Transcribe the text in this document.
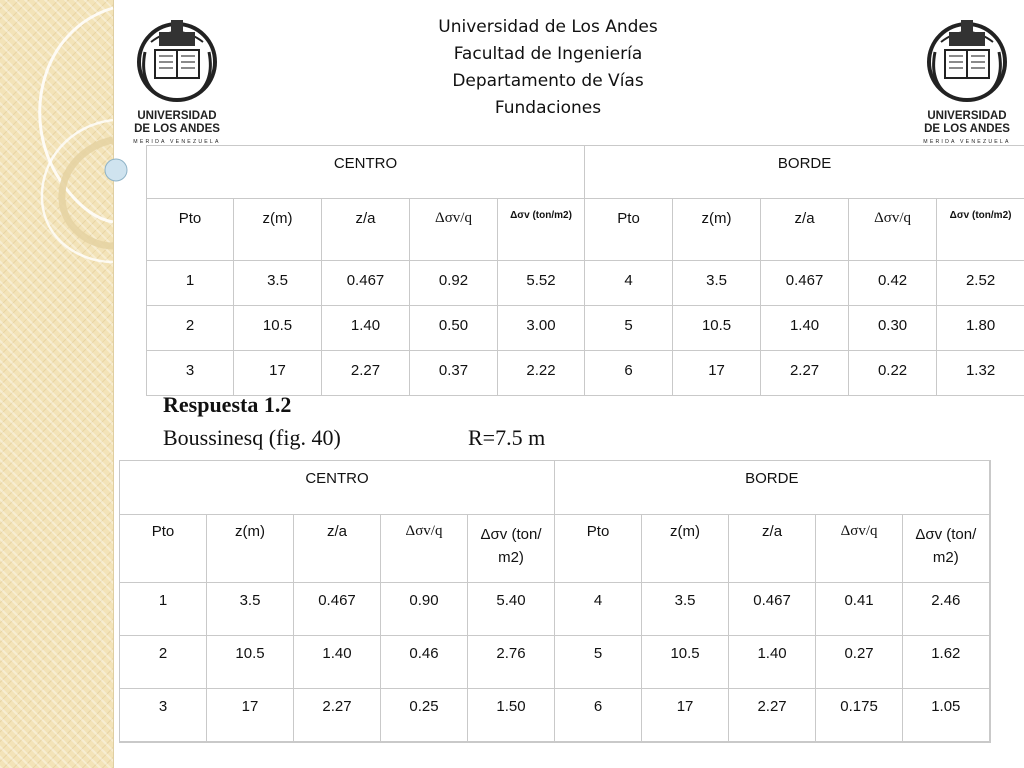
UNIVERSIDAD
DE LOS ANDES
MERIDA VENEZUELA
UNIVERSIDAD
DE LOS ANDES
MERIDA VENEZUELA
Universidad de Los Andes
Facultad de Ingeniería
Departamento de Vías
Fundaciones
CENTRO					BORDE				
Pto	z(m)	z/a	Δσv/q	Δσv (ton/m2)	Pto	z(m)	z/a	Δσv/q	Δσv (ton/m2)
1	3.5	0.467	0.92	5.52	4	3.5	0.467	0.42	2.52
2	10.5	1.40	0.50	3.00	5	10.5	1.40	0.30	1.80
3	17	2.27	0.37	2.22	6	17	2.27	0.22	1.32
Respuesta 1.2
Boussinesq (fig. 40)	R=7.5 m
CENTRO					BORDE				
Pto	z(m)	z/a	Δσv/q	Δσv (ton/ m2)	Pto	z(m)	z/a	Δσv/q	Δσv (ton/ m2)
1	3.5	0.467	0.90	5.40	4	3.5	0.467	0.41	2.46
2	10.5	1.40	0.46	2.76	5	10.5	1.40	0.27	1.62
3	17	2.27	0.25	1.50	6	17	2.27	0.175	1.05
